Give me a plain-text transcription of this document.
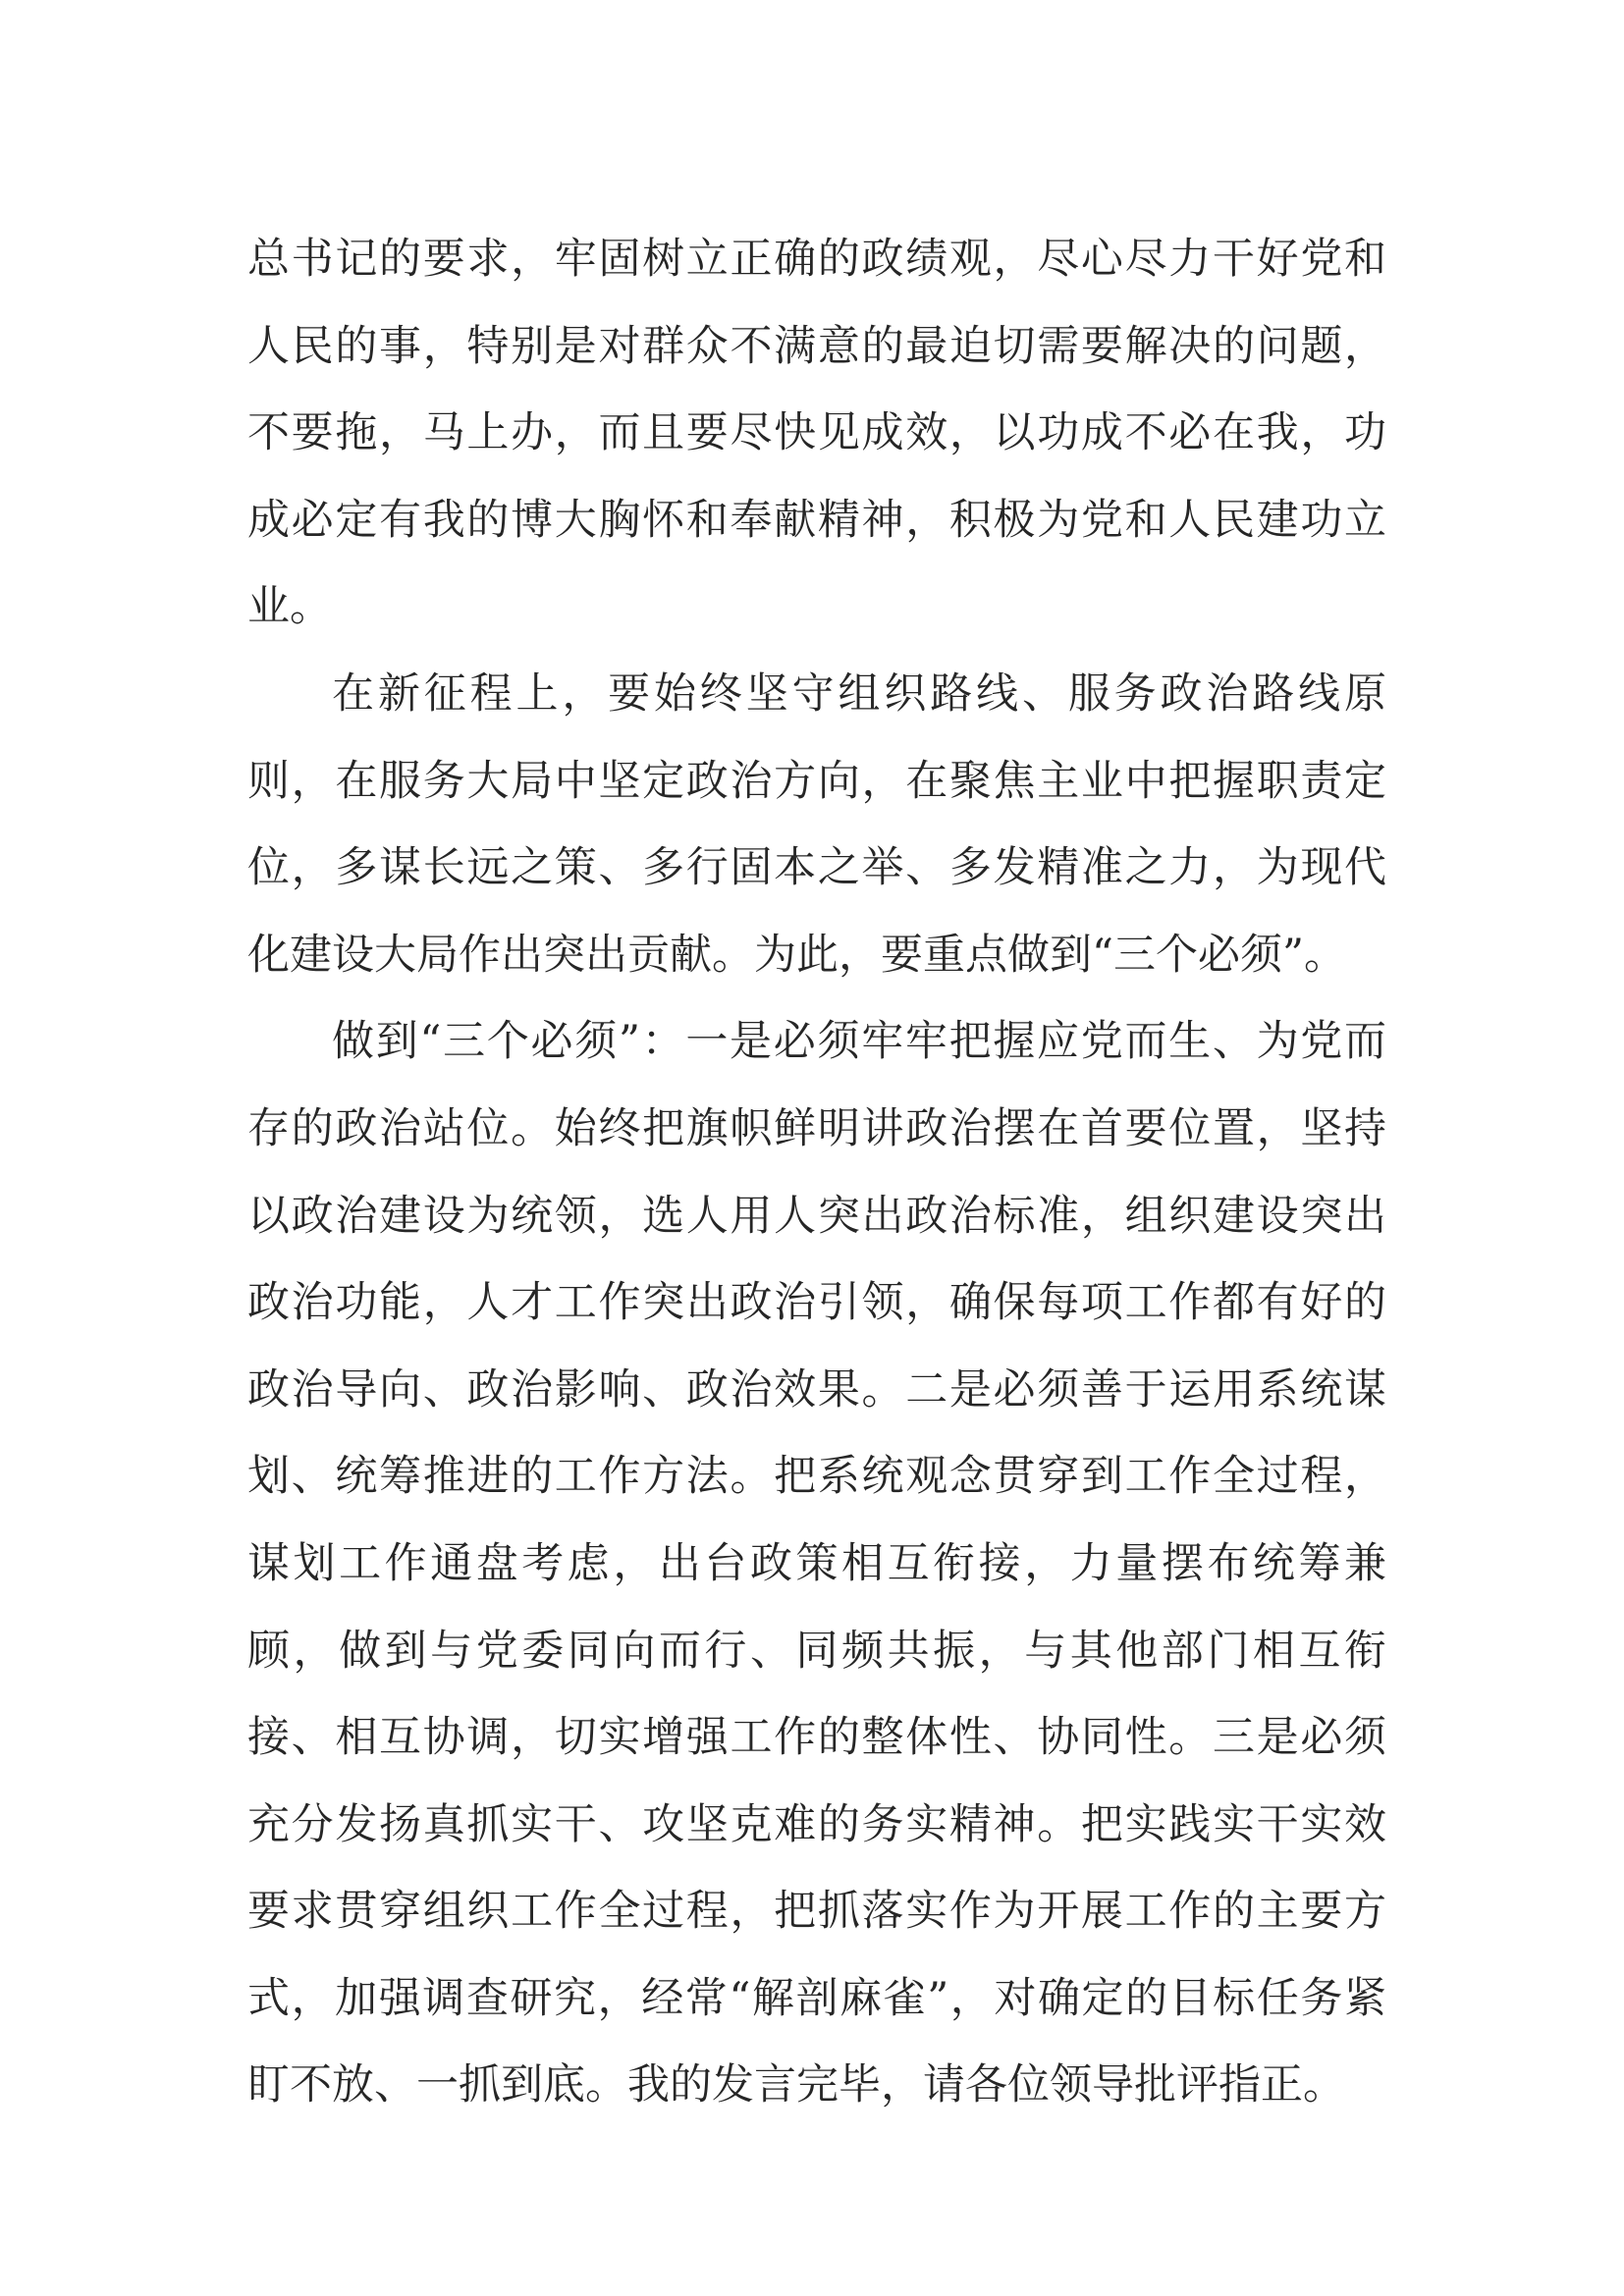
总书记的要求，牢固树立正确的政绩观，尽心尽力干好党和人民的事，特别是对群众不满意的最迫切需要解决的问题，不要拖，马上办，而且要尽快见成效，以功成不必在我，功成必定有我的博大胸怀和奉献精神，积极为党和人民建功立业。

在新征程上，要始终坚守组织路线、服务政治路线原则，在服务大局中坚定政治方向，在聚焦主业中把握职责定位，多谋长远之策、多行固本之举、多发精准之力，为现代化建设大局作出突出贡献。为此，要重点做到“三个必须”。

做到“三个必须”：一是必须牢牢把握应党而生、为党而存的政治站位。始终把旗帜鲜明讲政治摆在首要位置，坚持以政治建设为统领，选人用人突出政治标准，组织建设突出政治功能，人才工作突出政治引领，确保每项工作都有好的政治导向、政治影响、政治效果。二是必须善于运用系统谋划、统筹推进的工作方法。把系统观念贯穿到工作全过程，谋划工作通盘考虑，出台政策相互衔接，力量摆布统筹兼顾，做到与党委同向而行、同频共振，与其他部门相互衔接、相互协调，切实增强工作的整体性、协同性。三是必须充分发扬真抓实干、攻坚克难的务实精神。把实践实干实效要求贯穿组织工作全过程，把抓落实作为开展工作的主要方式，加强调查研究，经常“解剖麻雀”，对确定的目标任务紧盯不放、一抓到底。我的发言完毕，请各位领导批评指正。
